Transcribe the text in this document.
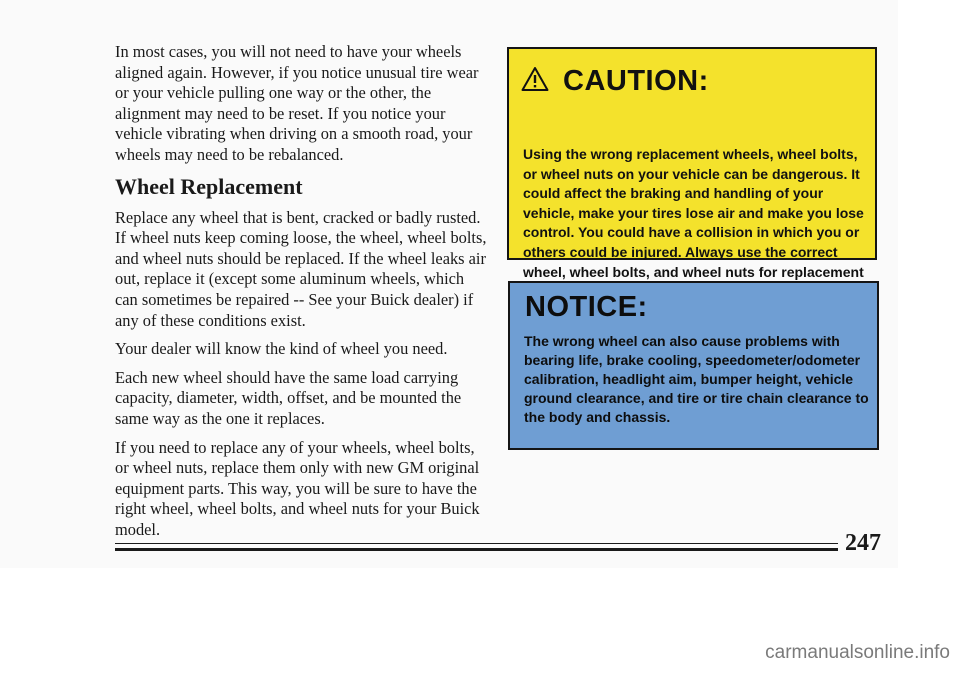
In most cases, you will not need to have your wheels aligned again. However, if you notice unusual tire wear or your vehicle pulling one way or the other, the alignment may need to be reset. If you notice your vehicle vibrating when driving on a smooth road, your wheels may need to be rebalanced.

Wheel Replacement

Replace any wheel that is bent, cracked or badly rusted. If wheel nuts keep coming loose, the wheel, wheel bolts, and wheel nuts should be replaced. If the wheel leaks air out, replace it (except some aluminum wheels, which can sometimes be repaired -- See your Buick dealer) if any of these conditions exist.

Your dealer will know the kind of wheel you need.

Each new wheel should have the same load carrying capacity, diameter, width, offset, and be mounted the same way as the one it replaces.

If you need to replace any of your wheels, wheel bolts, or wheel nuts, replace them only with new GM original equipment parts. This way, you will be sure to have the right wheel, wheel bolts, and wheel nuts for your Buick model.

CAUTION:
Using the wrong replacement wheels, wheel bolts, or wheel nuts on your vehicle can be dangerous. It could affect the braking and handling of your vehicle, make your tires lose air and make you lose control. You could have a collision in which you or others could be injured. Always use the correct wheel, wheel bolts, and wheel nuts for replacement
NOTICE:
The wrong wheel can also cause problems with bearing life, brake cooling, speedometer/odometer calibration, headlight aim, bumper height, vehicle ground clearance, and tire or tire chain clearance to the body and chassis.
247
carmanualsonline.info
